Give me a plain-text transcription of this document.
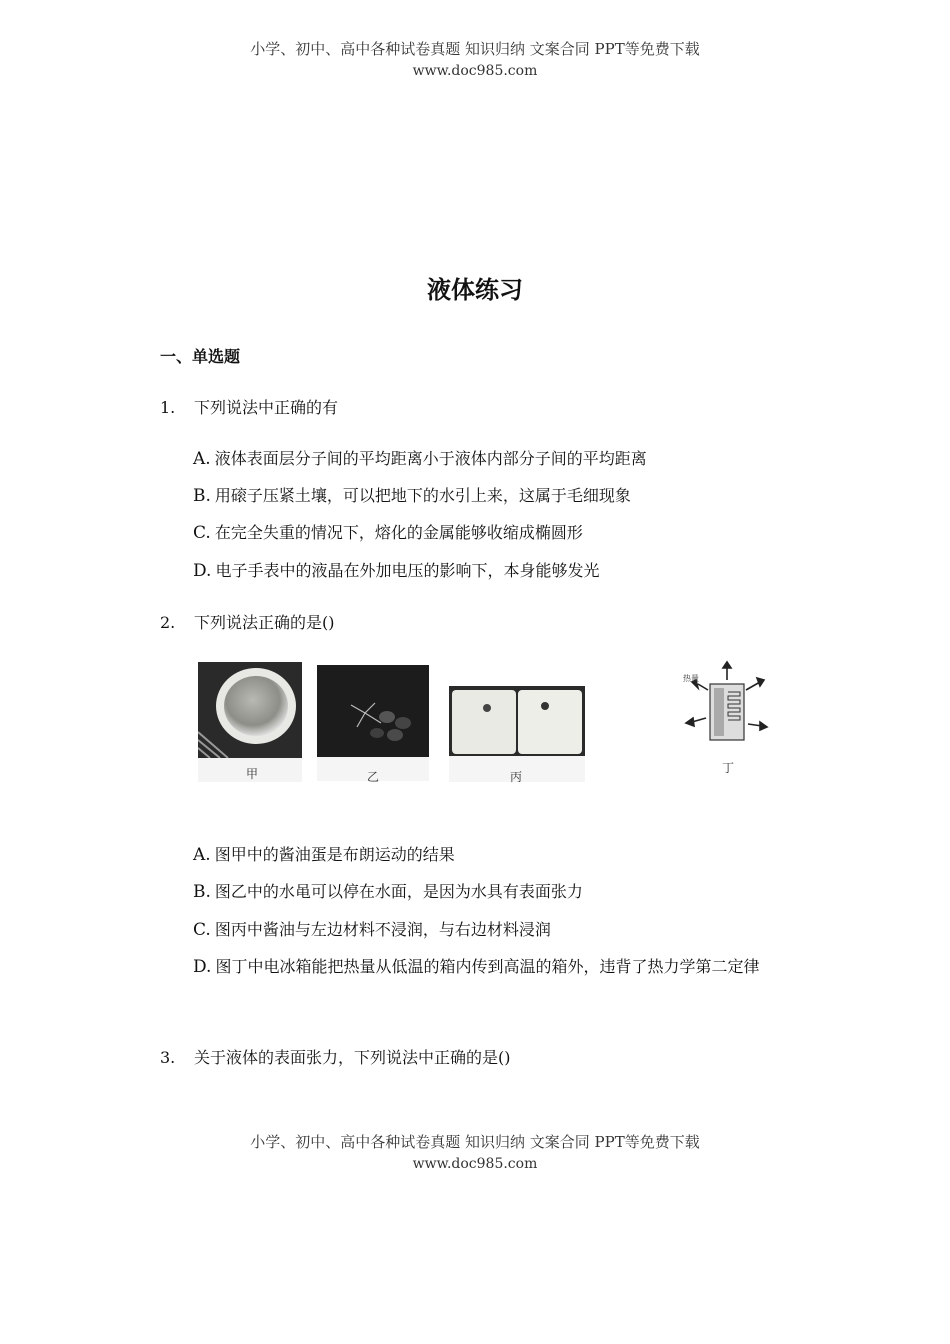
小学、初中、高中各种试卷真题 知识归纳 文案合同 PPT等免费下载
www.doc985.com
液体练习
一、单选题
1. 下列说法中正确的有
A. 液体表面层分子间的平均距离小于液体内部分子间的平均距离
B. 用磙子压紧土壤，可以把地下的水引上来，这属于毛细现象
C. 在完全失重的情况下，熔化的金属能够收缩成椭圆形
D. 电子手表中的液晶在外加电压的影响下，本身能够发光
2. 下列说法正确的是()
甲	乙	丙
热量
丁
A. 图甲中的酱油蛋是布朗运动的结果
B. 图乙中的水黾可以停在水面，是因为水具有表面张力
C. 图丙中酱油与左边材料不浸润，与右边材料浸润
D. 图丁中电冰箱能把热量从低温的箱内传到高温的箱外，违背了热力学第二定律
3. 关于液体的表面张力，下列说法中正确的是()
小学、初中、高中各种试卷真题 知识归纳 文案合同 PPT等免费下载
www.doc985.com
